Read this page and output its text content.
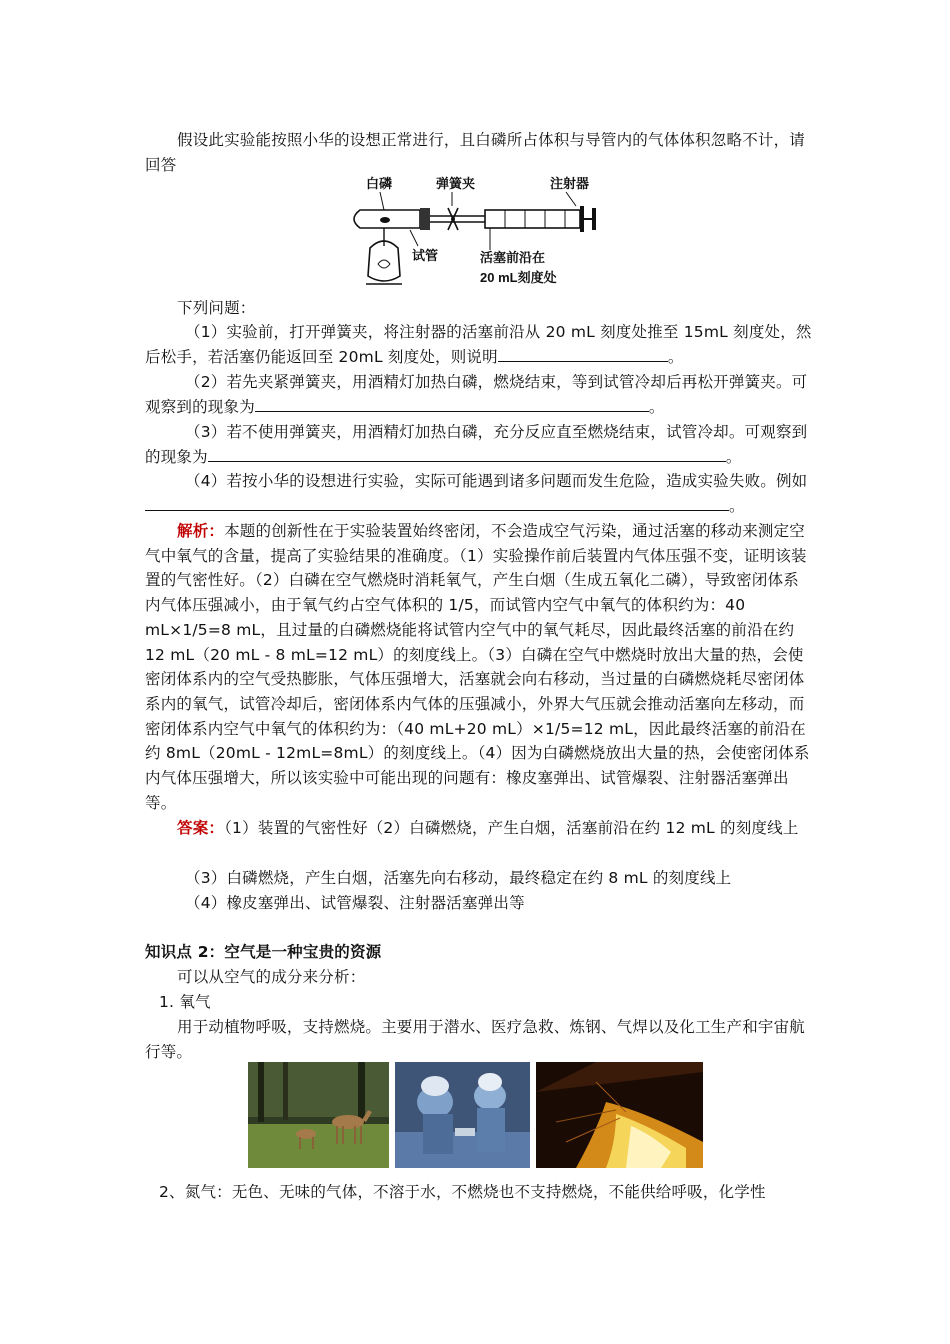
假设此实验能按照小华的设想正常进行，且白磷所占体积与导管内的气体体积忽略不计，请回答

白磷	弹簧夹	注射器
试管	活塞前沿在
20 mL刻度处

下列问题：

（1）实验前，打开弹簧夹，将注射器的活塞前沿从 20 mL 刻度处推至 15mL 刻度处，然后松手，若活塞仍能返回至 20mL 刻度处，则说明	。

（2）若先夹紧弹簧夹，用酒精灯加热白磷，燃烧结束，等到试管冷却后再松开弹簧夹。可观察到的现象为	。

（3）若不使用弹簧夹，用酒精灯加热白磷，充分反应直至燃烧结束，试管冷却。可观察到的现象为	。

（4）若按小华的设想进行实验，实际可能遇到诸多问题而发生危险，造成实验失败。例如。

解析：本题的创新性在于实验装置始终密闭，不会造成空气污染，通过活塞的移动来测定空气中氧气的含量，提高了实验结果的准确度。（1）实验操作前后装置内气体压强不变，证明该装置的气密性好。（2）白磷在空气燃烧时消耗氧气，产生白烟（生成五氧化二磷），导致密闭体系内气体压强减小，由于氧气约占空气体积的 1/5，而试管内空气中氧气的体积约为：40 mL×1/5=8 mL，且过量的白磷燃烧能将试管内空气中的氧气耗尽，因此最终活塞的前沿在约 12 mL（20 mL - 8 mL=12 mL）的刻度线上。（3）白磷在空气中燃烧时放出大量的热，会使密闭体系内的空气受热膨胀，气体压强增大，活塞就会向右移动，当过量的白磷燃烧耗尽密闭体系内的氧气，试管冷却后，密闭体系内气体的压强减小，外界大气压就会推动活塞向左移动，而密闭体系内空气中氧气的体积约为：（40 mL+20 mL）×1/5=12 mL，因此最终活塞的前沿在约 8mL（20mL - 12mL=8mL）的刻度线上。（4）因为白磷燃烧放出大量的热，会使密闭体系内气体压强增大，所以该实验中可能出现的问题有：橡皮塞弹出、试管爆裂、注射器活塞弹出等。

答案：（1）装置的气密性好（2）白磷燃烧，产生白烟，活塞前沿在约 12 mL 的刻度线上

（3）白磷燃烧，产生白烟，活塞先向右移动，最终稳定在约 8 mL 的刻度线上

（4）橡皮塞弹出、试管爆裂、注射器活塞弹出等

知识点 2：空气是一种宝贵的资源

可以从空气的成分来分析：

1. 氧气

用于动植物呼吸，支持燃烧。主要用于潜水、医疗急救、炼钢、气焊以及化工生产和宇宙航行等。

2、氮气：无色、无味的气体，不溶于水，不燃烧也不支持燃烧，不能供给呼吸，化学性
